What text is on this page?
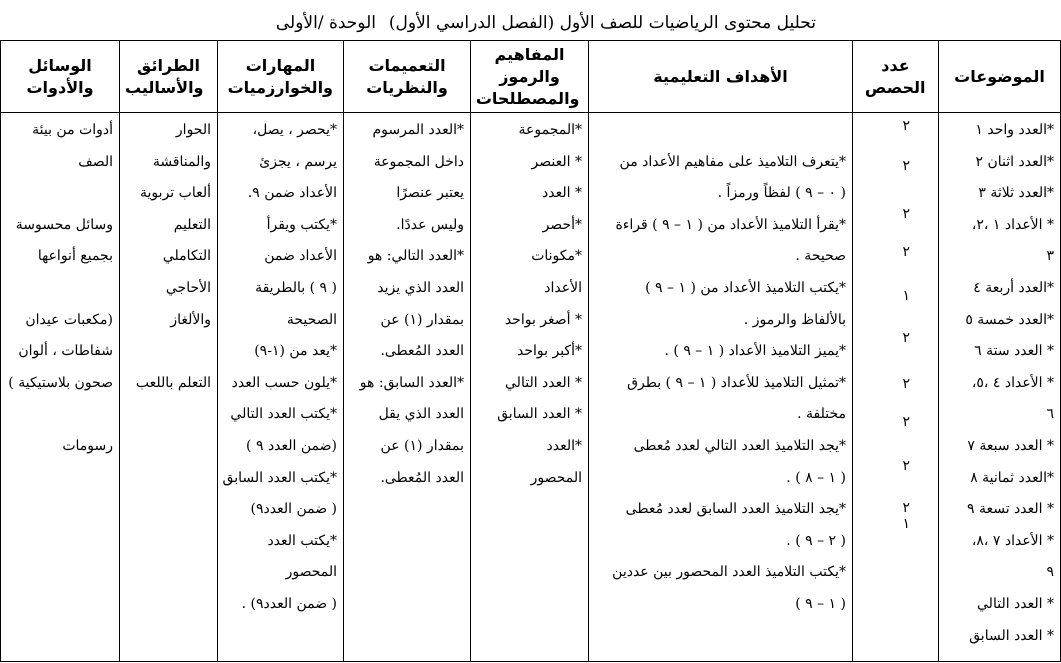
تحليل محتوى الرياضيات للصف الأول (الفصل الدراسي الأول)
الوحدة /الأولى
الموضوعات
*العدد واحد ١
*العدد اثنان ٢
*العدد ثلاثة ٣
* الأعداد ١ ،٢،
٣
*العدد أربعة ٤
*العدد خمسة ٥
* العدد ستة ٦
* الأعداد ٤ ،٥،
٦
* العدد سبعة ٧
*العدد ثمانية ٨
* العدد تسعة ٩
* الأعداد ٧ ،٨،
٩
* العدد التالي
* العدد السابق
عدد الحصص
٢
٢
٢
٢
١
٢
٢
٢
٢
٢
١
الأهداف التعليمية
*يتعرف التلاميذ على مفاهيم الأعداد من
( ٠ – ٩ ) لفظاً ورمزاً .
*يقرأ التلاميذ الأعداد من ( ١ – ٩ ) قراءة
صحيحة .
*يكتب التلاميذ الأعداد من ( ١ – ٩ )
بالألفاظ والرموز .
*يميز التلاميذ الأعداد ( ١ – ٩ ) .
*تمثيل التلاميذ للأعداد ( ١ – ٩ ) بطرق
مختلفة .
*يجد التلاميذ العدد التالي لعدد مُعطى
( ١ – ٨ ) .
*يجد التلاميذ العدد السابق لعدد مُعطى
( ٢ – ٩ ) .
*يكتب التلاميذ العدد المحصور بين عددين
( ١ – ٩ )
المفاهيم والرموز والمصطلحات
*المجموعة
* العنصر
* العدد
*أحصر
*مكونات
الأعداد
* أصغر بواحد
*أكبر بواحد
* العدد التالي
* العدد السابق
*العدد
المحصور
التعميمات والنظريات
*العدد المرسوم
داخل المجموعة
يعتبر عنصرًا
وليس عددًا.
*العدد التالي: هو
العدد الذي يزيد
بمقدار (١) عن
العدد المُعطى.
*العدد السابق: هو
العدد الذي يقل
بمقدار (١) عن
العدد المُعطى.
المهارات والخوارزميات
*يحصر ، يصل،
يرسم ، يجزئ
الأعداد ضمن ٩.
*يكتب ويقرأ
الأعداد ضمن
( ٩ ) بالطريقة
الصحيحة
*يعد من (١-٩)
*يلون حسب العدد
*يكتب العدد التالي
(ضمن العدد ٩ )
*يكتب العدد السابق
( ضمن العدد٩)
*يكتب العدد
المحصور
( ضمن العدد٩) .
الطرائق والأساليب
الحوار
والمناقشة
ألعاب تربوية
التعليم
التكاملي
الأحاجي
والألغاز
التعلم باللعب
الوسائل والأدوات
أدوات من بيئة
الصف
وسائل محسوسة
بجميع أنواعها
(مكعبات عيدان
شفاطات ، ألوان
صحون بلاستيكية )
رسومات
